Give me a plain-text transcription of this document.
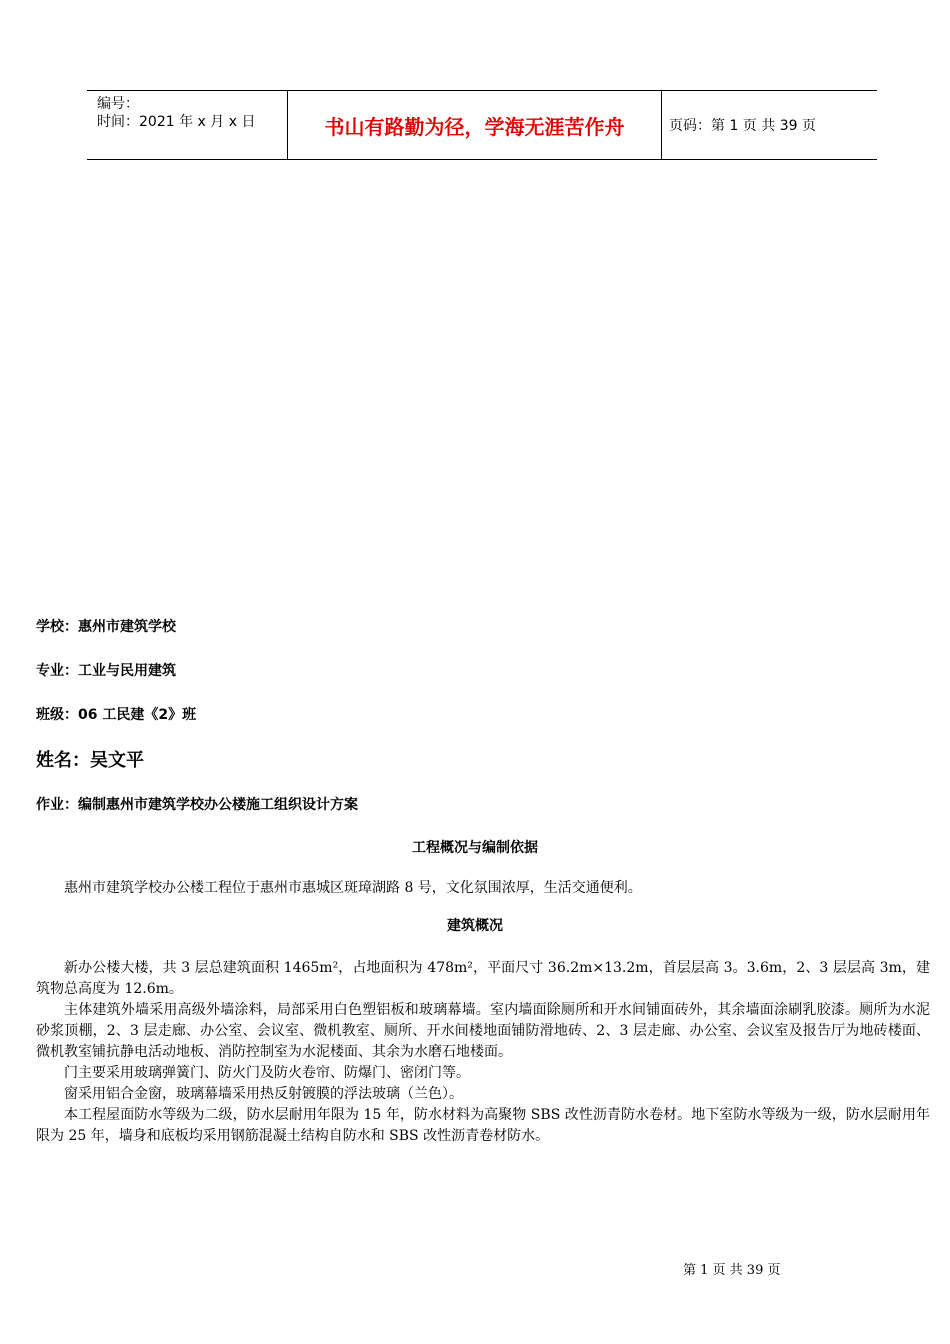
编号：
时间：2021 年 x 月 x 日	书山有路勤为径，学海无涯苦作舟	页码：第 1 页 共 39 页
学校：惠州市建筑学校
专业：工业与民用建筑
班级：06 工民建《2》班
姓名：吴文平
作业：编制惠州市建筑学校办公楼施工组织设计方案
工程概况与编制依据

惠州市建筑学校办公楼工程位于惠州市惠城区斑璋湖路 8 号，文化氛围浓厚，生活交通便利。

建筑概况

新办公楼大楼，共 3 层总建筑面积 1465m²，占地面积为 478m²，平面尺寸 36.2m×13.2m，首层层高 3。3.6m，2、3 层层高 3m，建筑物总高度为 12.6m。

主体建筑外墙采用高级外墙涂料，局部采用白色塑铝板和玻璃幕墙。室内墙面除厕所和开水间铺面砖外，其余墙面涂刷乳胶漆。厕所为水泥砂浆顶棚，2、3 层走廊、办公室、会议室、微机教室、厕所、开水间楼地面铺防滑地砖、2、3 层走廊、办公室、会议室及报告厅为地砖楼面、微机教室铺抗静电活动地板、消防控制室为水泥楼面、其余为水磨石地楼面。

门主要采用玻璃弹簧门、防火门及防火卷帘、防爆门、密闭门等。

窗采用铝合金窗，玻璃幕墙采用热反射镀膜的浮法玻璃（兰色）。

本工程屋面防水等级为二级，防水层耐用年限为 15 年，防水材料为高聚物 SBS 改性沥青防水卷材。地下室防水等级为一级，防水层耐用年限为 25 年，墙身和底板均采用钢筋混凝土结构自防水和 SBS 改性沥青卷材防水。

第 1 页 共 39 页
